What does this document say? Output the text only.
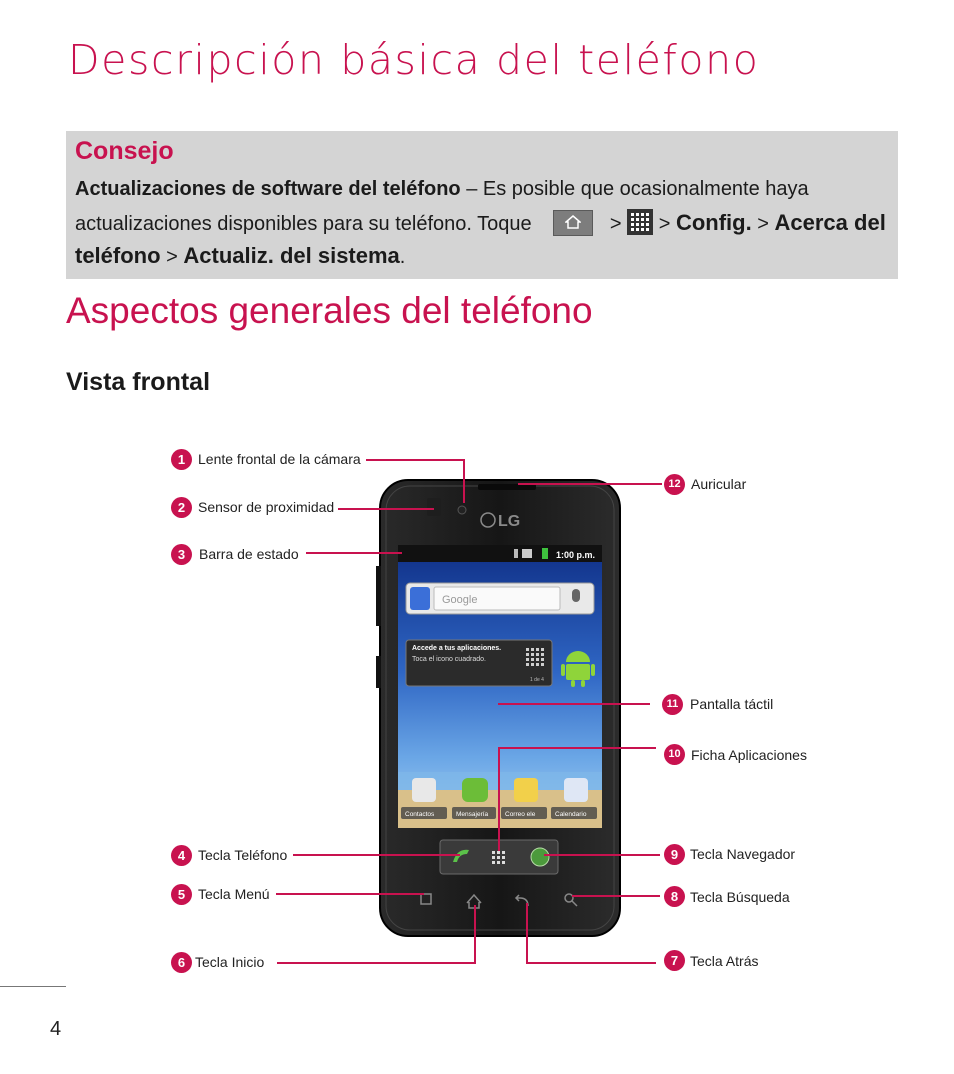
Descripción básica del teléfono
Consejo
Actualizaciones de software del teléfono – Es posible que ocasionalmente haya
actualizaciones disponibles para su teléfono. Toque	> > Config. > Acerca del
teléfono > Actualiz. del sistema.
Aspectos generales del teléfono
Vista frontal
LG
1:00 p.m.
Google
Accede a tus aplicaciones.
Toca el icono cuadrado.
1 de 4
Contactos	Mensajería	Correo ele	Calendario
1 Lente frontal de la cámara
2 Sensor de proximidad
3 Barra de estado
4 Tecla Teléfono
5 Tecla Menú
6 Tecla Inicio	7 Tecla Atrás
8 Tecla Búsqueda
9 Tecla Navegador
10 Ficha Aplicaciones
11 Pantalla táctil
12 Auricular
4
